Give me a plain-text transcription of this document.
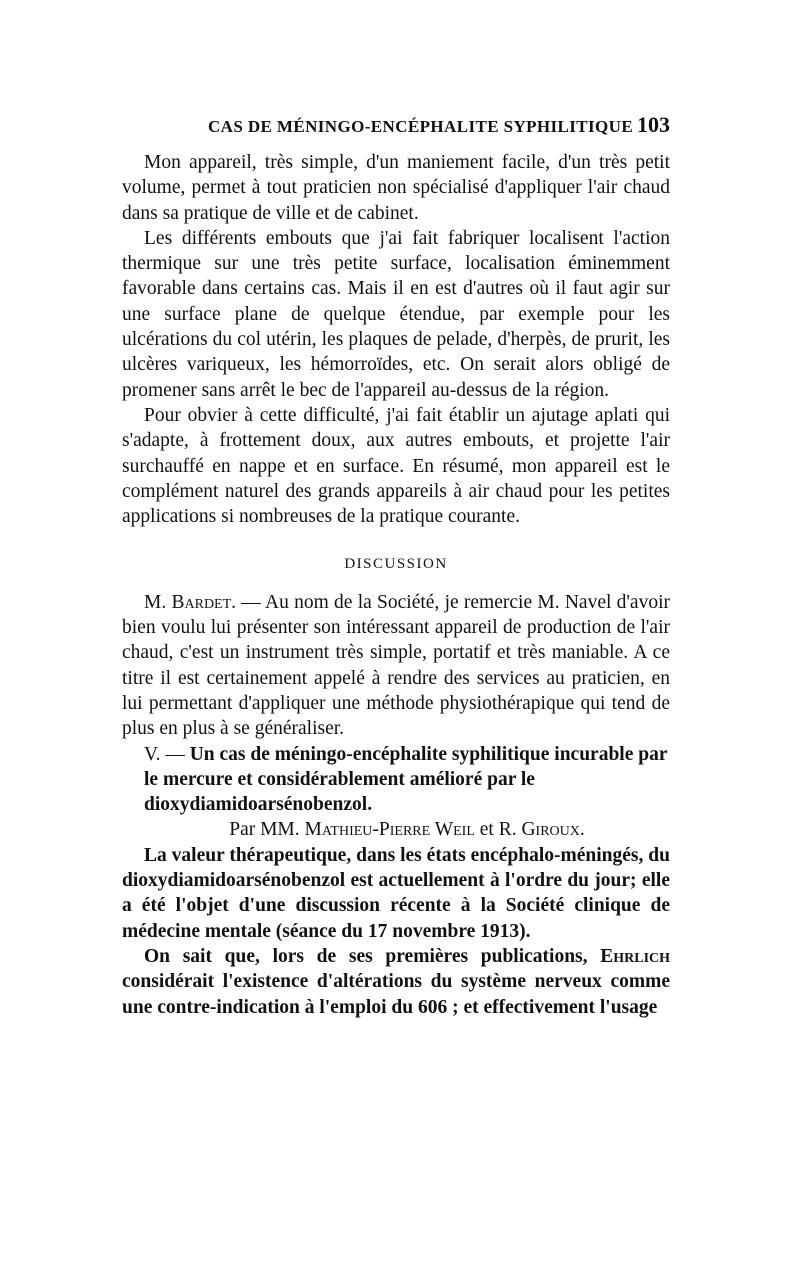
CAS DE MÉNINGO-ENCÉPHALITE SYPHILITIQUE 103

Mon appareil, très simple, d'un maniement facile, d'un très petit volume, permet à tout praticien non spécialisé d'appliquer l'air chaud dans sa pratique de ville et de cabinet.

Les différents embouts que j'ai fait fabriquer localisent l'action thermique sur une très petite surface, localisation éminemment favorable dans certains cas. Mais il en est d'autres où il faut agir sur une surface plane de quelque étendue, par exemple pour les ulcérations du col utérin, les plaques de pelade, d'herpès, de prurit, les ulcères variqueux, les hémorroïdes, etc. On serait alors obligé de promener sans arrêt le bec de l'appareil au-dessus de la région.

Pour obvier à cette difficulté, j'ai fait établir un ajutage aplati qui s'adapte, à frottement doux, aux autres embouts, et projette l'air surchauffé en nappe et en surface. En résumé, mon appareil est le complément naturel des grands appareils à air chaud pour les petites applications si nombreuses de la pratique courante.

DISCUSSION

M. Bardet. — Au nom de la Société, je remercie M. Navel d'avoir bien voulu lui présenter son intéressant appareil de production de l'air chaud, c'est un instrument très simple, portatif et très maniable. A ce titre il est certainement appelé à rendre des services au praticien, en lui permettant d'appliquer une méthode physiothérapique qui tend de plus en plus à se généraliser.

V. — Un cas de méningo-encéphalite syphilitique incurable par le mercure et considérablement amélioré par le dioxydiamidoarsénobenzol.

Par MM. Mathieu-Pierre Weil et R. Giroux.

La valeur thérapeutique, dans les états encéphalo-méningés, du dioxydiamidoarsénobenzol est actuellement à l'ordre du jour; elle a été l'objet d'une discussion récente à la Société clinique de médecine mentale (séance du 17 novembre 1913).

On sait que, lors de ses premières publications, Ehrlich considérait l'existence d'altérations du système nerveux comme une contre-indication à l'emploi du 606 ; et effectivement l'usage
